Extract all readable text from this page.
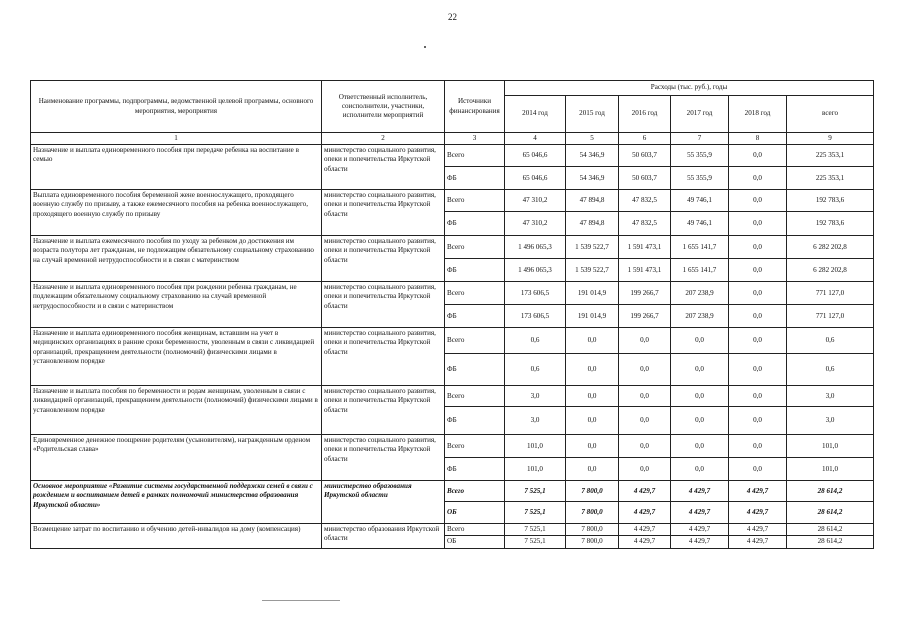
22
Наименование программы, подпрограммы, ведомственной целевой программы, основного мероприятия, мероприятия	Ответственный исполнитель, соисполнители, участники, исполнители мероприятий	Источники финансирования	Расходы (тыс. руб.), годы					
			2014 год	2015 год	2016 год	2017 год	2018 год	всего
1	2	3	4	5	6	7	8	9
Назначение и выплата единовременного пособия при передаче ребенка на воспитание в семью	министерство социального развития, опеки и попечительства Иркутской области	Всего	65 046,6	54 346,9	50 603,7	55 355,9	0,0	225 353,1
		ФБ	65 046,6	54 346,9	50 603,7	55 355,9	0,0	225 353,1
Выплата единовременного пособия беременной жене военнослужащего, проходящего военную службу по призыву, а также ежемесячного пособия на ребенка военнослужащего, проходящего военную службу по призыву	министерство социального развития, опеки и попечительства Иркутской области	Всего	47 310,2	47 894,8	47 832,5	49 746,1	0,0	192 783,6
		ФБ	47 310,2	47 894,8	47 832,5	49 746,1	0,0	192 783,6
Назначение и выплата ежемесячного пособия по уходу за ребенком до достижения им возраста полутора лет гражданам, не подлежащим обязательному социальному страхованию на случай временной нетрудоспособности и в связи с материнством	министерство социального развития, опеки и попечительства Иркутской области	Всего	1 496 065,3	1 539 522,7	1 591 473,1	1 655 141,7	0,0	6 282 202,8
		ФБ	1 496 065,3	1 539 522,7	1 591 473,1	1 655 141,7	0,0	6 282 202,8
Назначение и выплата единовременного пособия при рождении ребенка гражданам, не подлежащим обязательному социальному страхованию на случай временной нетрудоспособности и в связи с материнством	министерство социального развития, опеки и попечительства Иркутской области	Всего	173 606,5	191 014,9	199 266,7	207 238,9	0,0	771 127,0
		ФБ	173 606,5	191 014,9	199 266,7	207 238,9	0,0	771 127,0
Назначение и выплата единовременного пособия женщинам, вставшим на учет в медицинских организациях в ранние сроки беременности, уволенным в связи с ликвидацией организаций, прекращением деятельности (полномочий) физическими лицами в установленном порядке	министерство социального развития, опеки и попечительства Иркутской области	Всего	0,6	0,0	0,0	0,0	0,0	0,6
		ФБ	0,6	0,0	0,0	0,0	0,0	0,6
Назначение и выплата пособия по беременности и родам женщинам, уволенным в связи с ликвидацией организаций, прекращением деятельности (полномочий) физическими лицами в установленном порядке	министерство социального развития, опеки и попечительства Иркутской области	Всего	3,0	0,0	0,0	0,0	0,0	3,0
		ФБ	3,0	0,0	0,0	0,0	0,0	3,0
Единовременное денежное поощрение родителям (усыновителям), награжденным орденом «Родительская слава»	министерство социального развития, опеки и попечительства Иркутской области	Всего	101,0	0,0	0,0	0,0	0,0	101,0
		ФБ	101,0	0,0	0,0	0,0	0,0	101,0
Основное мероприятие «Развитие системы государственной поддержки семей в связи с рождением и воспитанием детей в рамках полномочий министерства образования Иркутской области»	министерство образования Иркутской области	Всего	7 525,1	7 800,0	4 429,7	4 429,7	4 429,7	28 614,2
		ОБ	7 525,1	7 800,0	4 429,7	4 429,7	4 429,7	28 614,2
Возмещение затрат по воспитанию и обучению детей-инвалидов на дому (компенсация)	министерство образования Иркутской области	Всего	7 525,1	7 800,0	4 429,7	4 429,7	4 429,7	28 614,2
		ОБ	7 525,1	7 800,0	4 429,7	4 429,7	4 429,7	28 614,2
